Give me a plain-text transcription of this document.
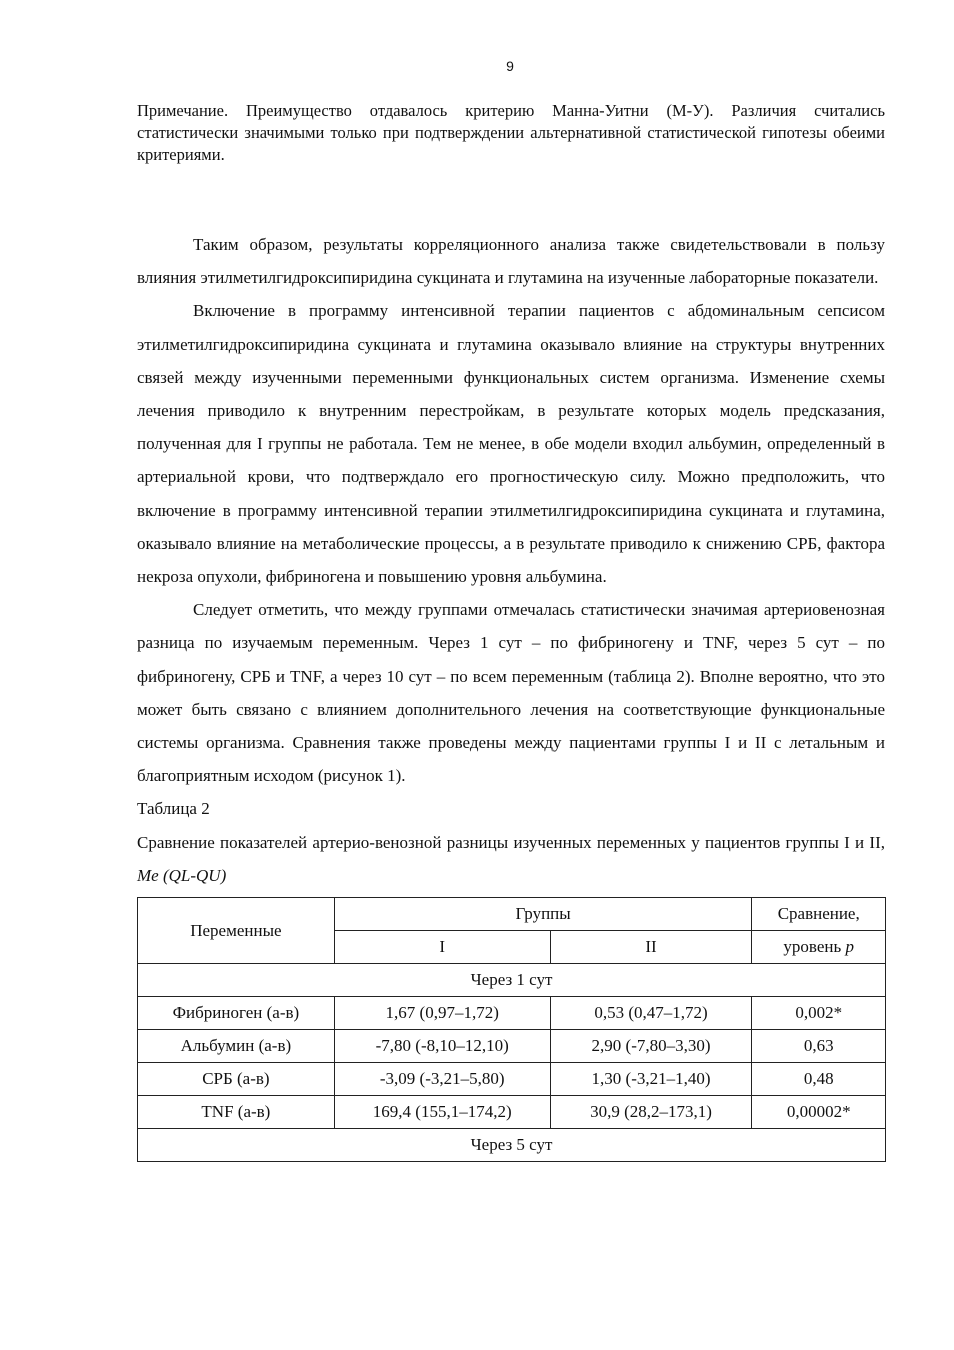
9

Примечание. Преимущество отдавалось критерию Манна-Уитни (М-У). Различия считались статистически значимыми только при подтверждении альтернативной статистической гипотезы обеими критериями.

Таким образом, результаты корреляционного анализа также свидетельствовали в пользу влияния этилметилгидроксипиридина сукцината и глутамина на изученные лабораторные показатели.

Включение в программу интенсивной терапии пациентов с абдоминальным сепсисом этилметилгидроксипиридина сукцината и глутамина оказывало влияние на структуры внутренних связей между изученными переменными функциональных систем организма. Изменение схемы лечения приводило к внутренним перестройкам, в результате которых модель предсказания, полученная для I группы не работала. Тем не менее, в обе модели входил альбумин, определенный в артериальной крови, что подтверждало его прогностическую силу. Можно предположить, что включение в программу интенсивной терапии этилметилгидроксипиридина сукцината и глутамина, оказывало влияние на метаболические процессы, а в результате приводило к снижению СРБ, фактора некроза опухоли, фибриногена и повышению уровня альбумина.

Следует отметить, что между группами отмечалась статистически значимая артериовенозная разница по изучаемым переменным. Через 1 сут – по фибриногену и TNF, через 5 сут – по фибриногену, СРБ и TNF, а через 10 сут – по всем переменным (таблица 2). Вполне вероятно, что это может быть связано с влиянием дополнительного лечения на соответствующие функциональные системы организма. Сравнения также проведены между пациентами группы I и II с летальным и благоприятным исходом (рисунок 1).

Таблица 2

Сравнение показателей артерио-венозной разницы изученных переменных у пациентов группы I и II, Me (QL-QU)

Переменные	Группы		Сравнение,
	I	II	уровень p
Через 1 сут			
Фибриноген (а-в)	1,67 (0,97–1,72)	0,53 (0,47–1,72)	0,002*
Альбумин (а-в)	-7,80 (-8,10–12,10)	2,90 (-7,80–3,30)	0,63
СРБ (а-в)	-3,09 (-3,21–5,80)	1,30 (-3,21–1,40)	0,48
TNF (а-в)	169,4 (155,1–174,2)	30,9 (28,2–173,1)	0,00002*
Через 5 сут			
